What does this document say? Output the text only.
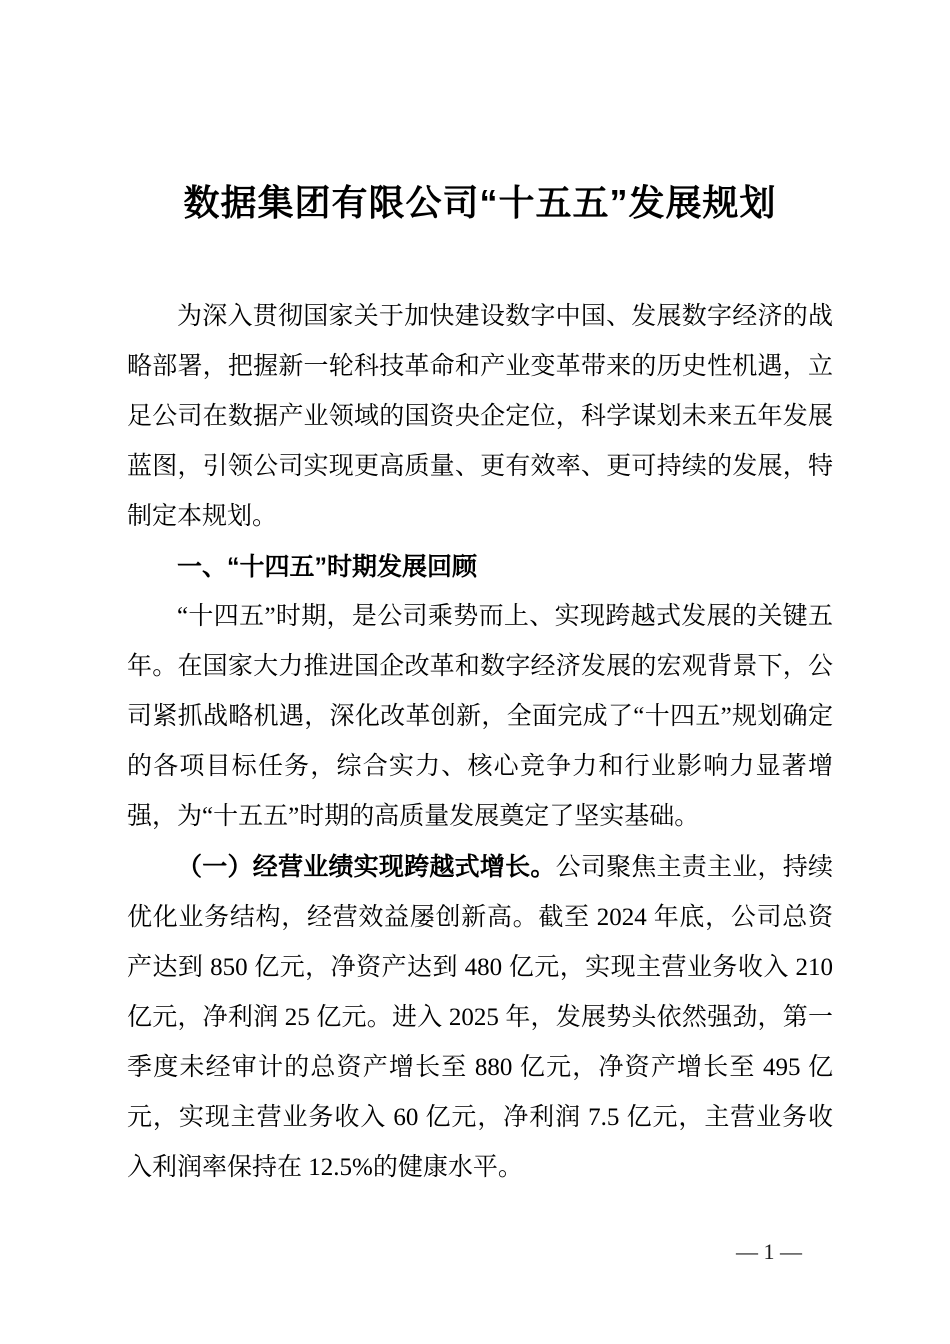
数据集团有限公司“十五五”发展规划

为深入贯彻国家关于加快建设数字中国、发展数字经济的战略部署，把握新一轮科技革命和产业变革带来的历史性机遇，立足公司在数据产业领域的国资央企定位，科学谋划未来五年发展蓝图，引领公司实现更高质量、更有效率、更可持续的发展，特制定本规划。

一、“十四五”时期发展回顾

“十四五”时期，是公司乘势而上、实现跨越式发展的关键五年。在国家大力推进国企改革和数字经济发展的宏观背景下，公司紧抓战略机遇，深化改革创新，全面完成了“十四五”规划确定的各项目标任务，综合实力、核心竞争力和行业影响力显著增强，为“十五五”时期的高质量发展奠定了坚实基础。

（一）经营业绩实现跨越式增长。公司聚焦主责主业，持续优化业务结构，经营效益屡创新高。截至 2024 年底，公司总资产达到 850 亿元，净资产达到 480 亿元，实现主营业务收入 210 亿元，净利润 25 亿元。进入 2025 年，发展势头依然强劲，第一季度未经审计的总资产增长至 880 亿元，净资产增长至 495 亿元，实现主营业务收入 60 亿元，净利润 7.5 亿元，主营业务收入利润率保持在 12.5%的健康水平。

— 1 —
